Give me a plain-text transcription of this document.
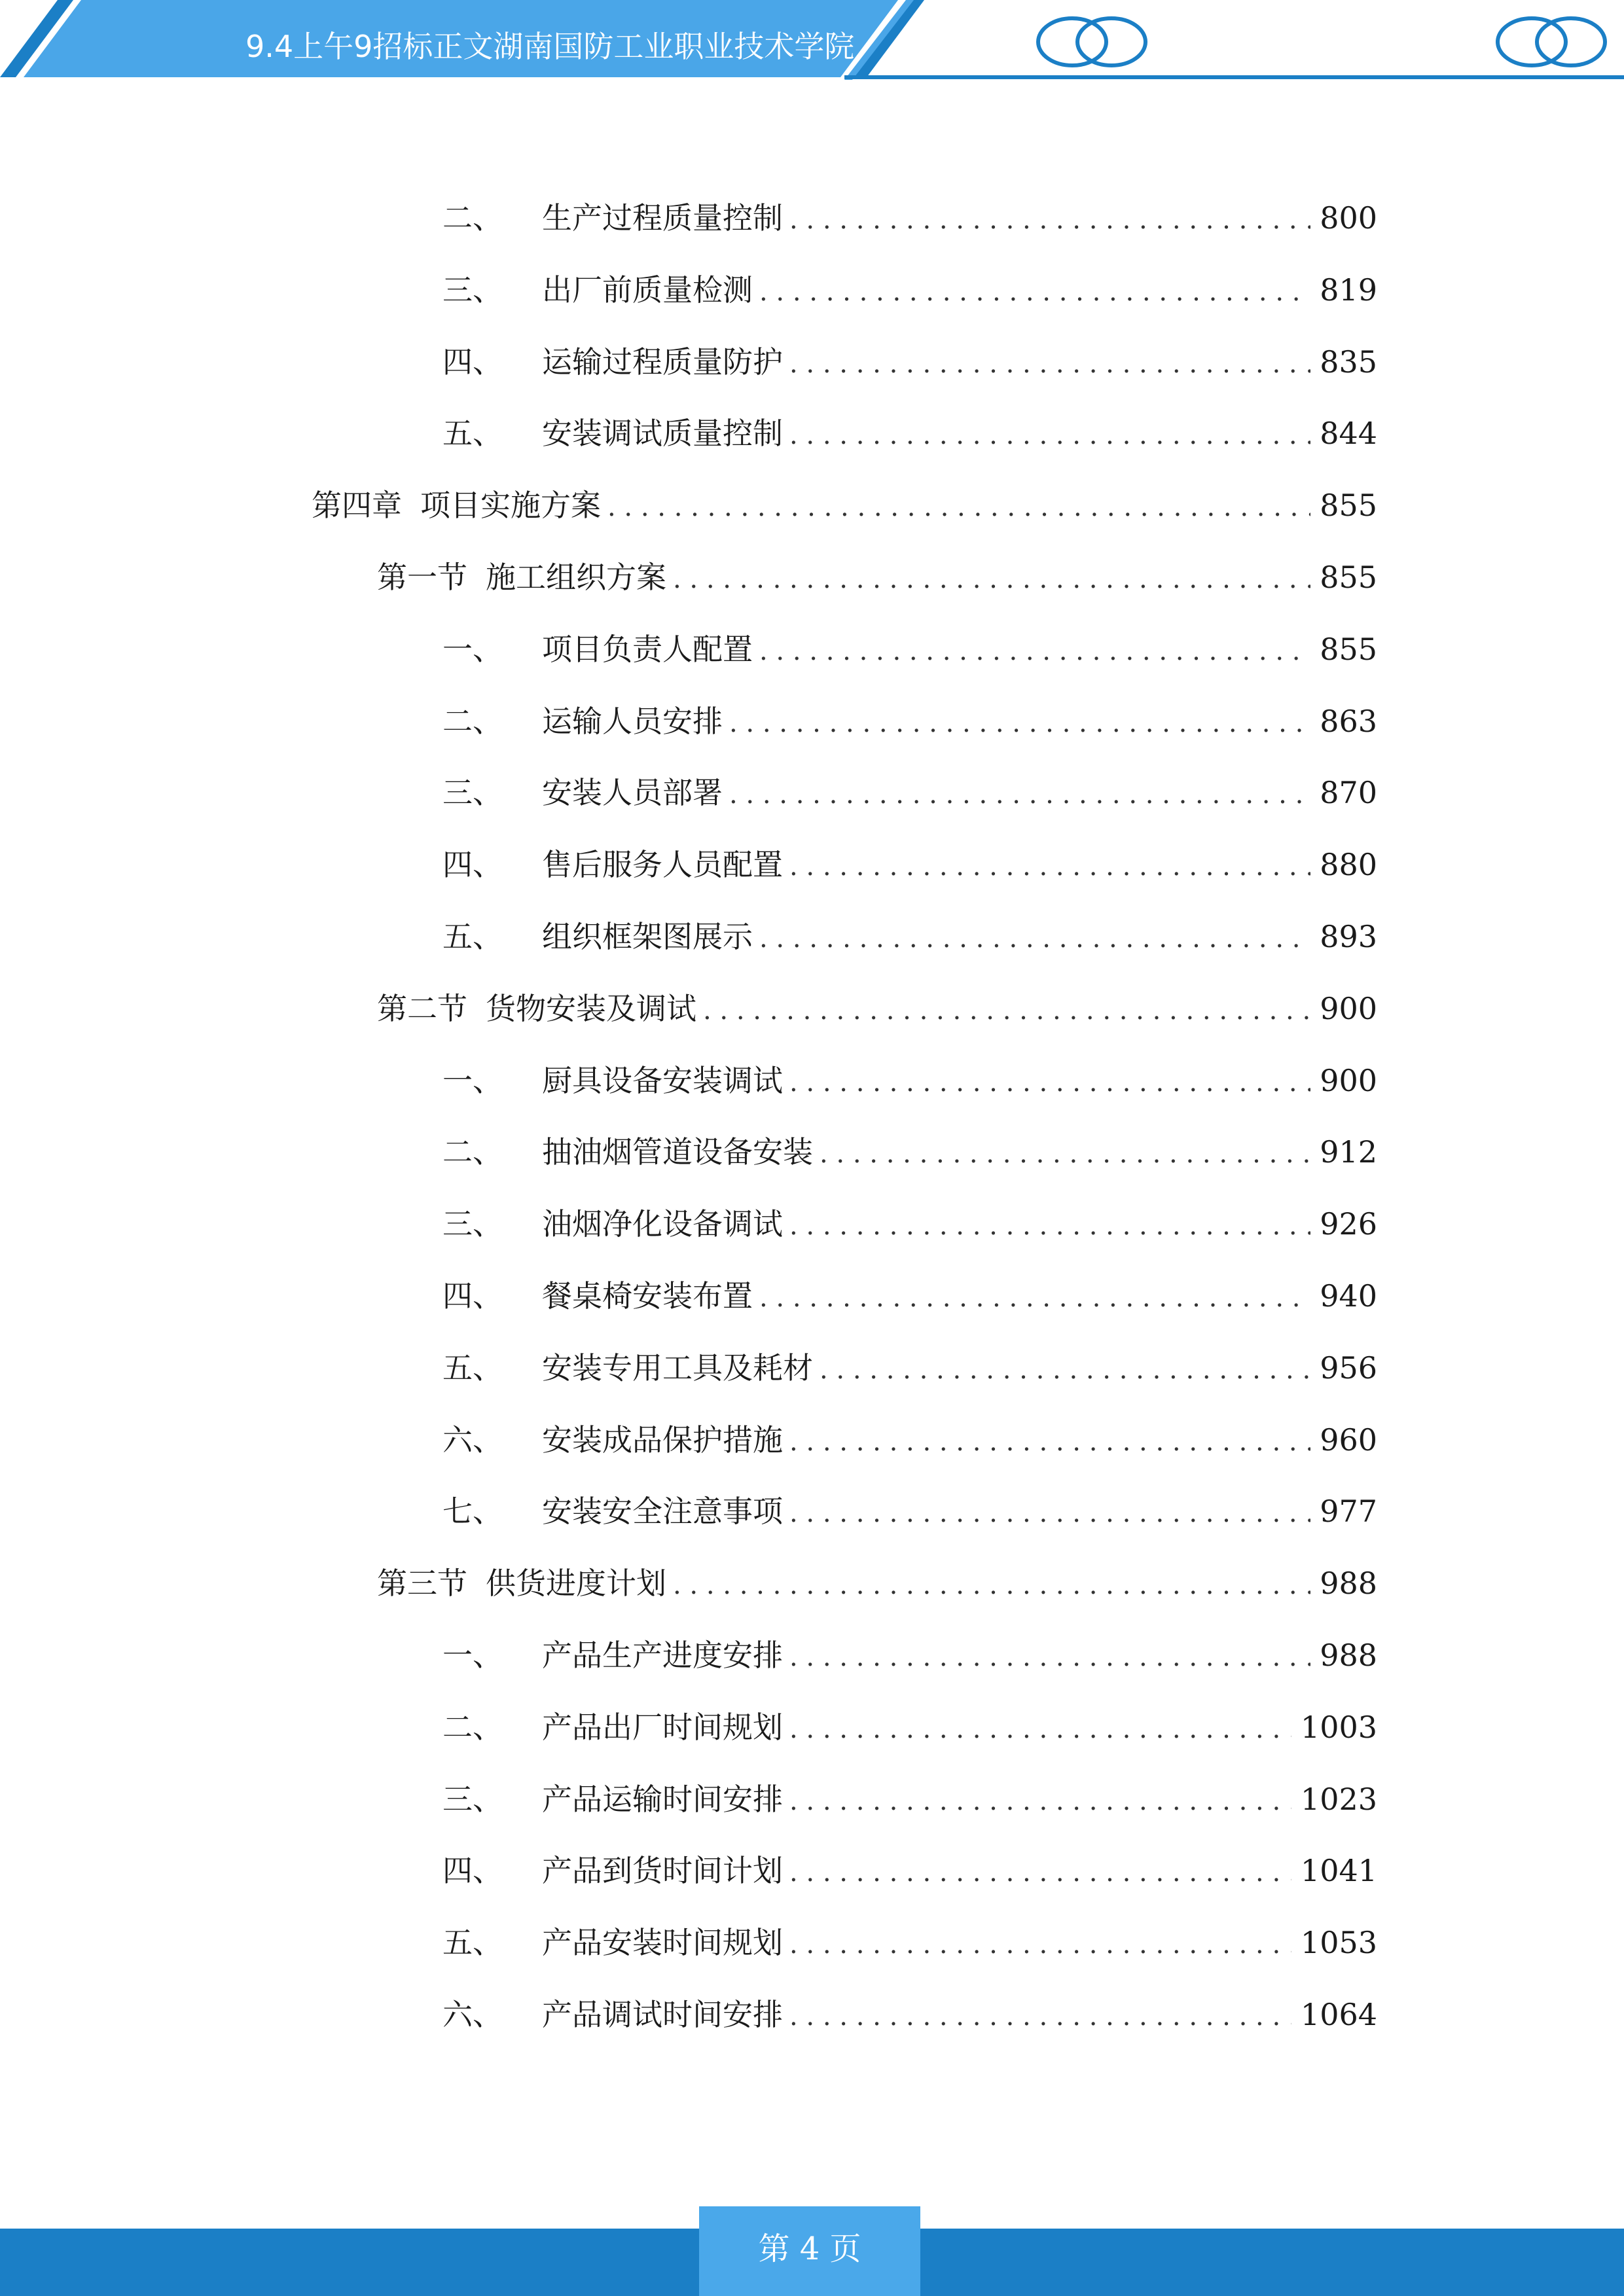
9.4上午9招标正文湖南国防工业职业技术学院
二、 生产过程质量控制 . . .	800
三、 出厂前质量检测 . . .	819
四、 运输过程质量防护 . . .	835
五、 安装调试质量控制 . . .	844
第四章 项目实施方案 . . .	855
第一节 施工组织方案 . . .	855
一、 项目负责人配置 . . .	855
二、 运输人员安排 . . .	863
三、 安装人员部署 . . .	870
四、 售后服务人员配置 . . .	880
五、 组织框架图展示 . . .	893
第二节 货物安装及调试 . . .	900
一、 厨具设备安装调试 . . .	900
二、 抽油烟管道设备安装 . . .	912
三、 油烟净化设备调试 . . .	926
四、 餐桌椅安装布置 . . .	940
五、 安装专用工具及耗材 . . .	956
六、 安装成品保护措施 . . .	960
七、 安装安全注意事项 . . .	977
第三节 供货进度计划 . . .	988
一、 产品生产进度安排 . . .	988
二、 产品出厂时间规划 . . .	1003
三、 产品运输时间安排 . . .	1023
四、 产品到货时间计划 . . .	1041
五、 产品安装时间规划 . . .	1053
六、 产品调试时间安排 . . .	1064
第 4 页
